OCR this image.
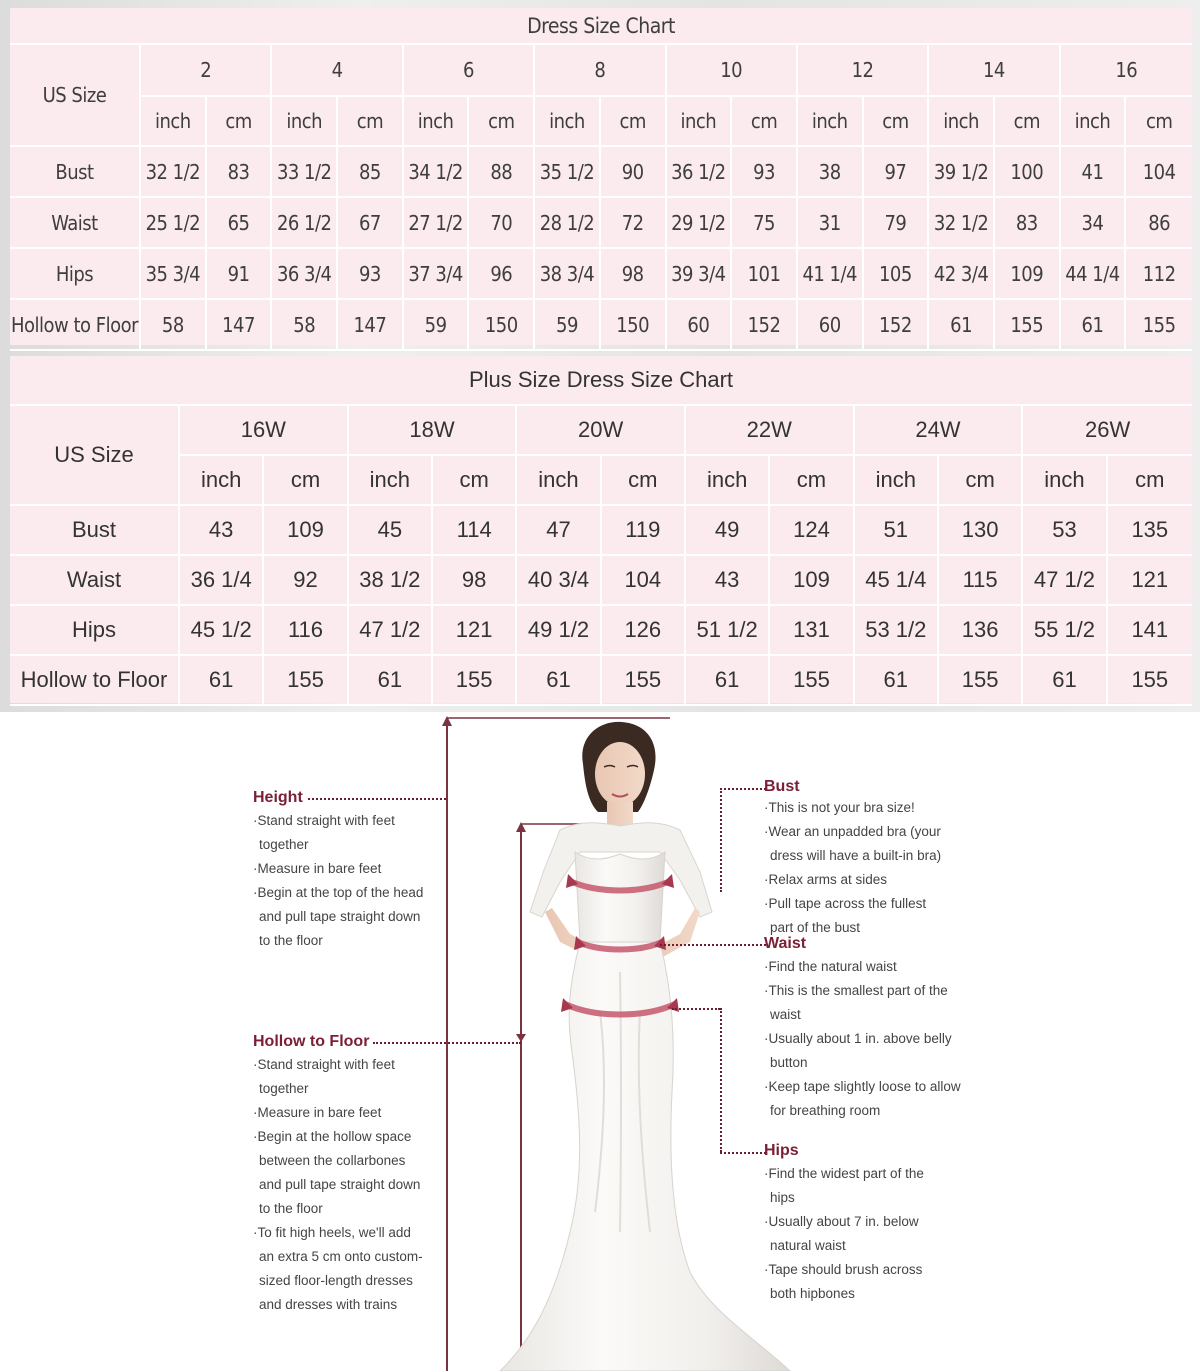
Dress Size Chart																
US Size	2		4		6		8		10		12		14		16	
	inch	cm	inch	cm	inch	cm	inch	cm	inch	cm	inch	cm	inch	cm	inch	cm
Bust	32 1/2	83	33 1/2	85	34 1/2	88	35 1/2	90	36 1/2	93	38	97	39 1/2	100	41	104
Waist	25 1/2	65	26 1/2	67	27 1/2	70	28 1/2	72	29 1/2	75	31	79	32 1/2	83	34	86
Hips	35 3/4	91	36 3/4	93	37 3/4	96	38 3/4	98	39 3/4	101	41 1/4	105	42 3/4	109	44 1/4	112
Hollow to Floor	58	147	58	147	59	150	59	150	60	152	60	152	61	155	61	155
Plus Size Dress Size Chart												
US Size	16W		18W		20W		22W		24W		26W	
	inch	cm	inch	cm	inch	cm	inch	cm	inch	cm	inch	cm
Bust	43	109	45	114	47	119	49	124	51	130	53	135
Waist	36 1/4	92	38 1/2	98	40 3/4	104	43	109	45 1/4	115	47 1/2	121
Hips	45 1/2	116	47 1/2	121	49 1/2	126	51 1/2	131	53 1/2	136	55 1/2	141
Hollow to Floor	61	155	61	155	61	155	61	155	61	155	61	155
Height
·Stand straight with feet
together
·Measure in bare feet
·Begin at the top of the head
and pull tape straight down
to the floor
Hollow to Floor
·Stand straight with feet
together
·Measure in bare feet
·Begin at the hollow space
between the collarbones
and pull tape straight down
to the floor
·To fit high heels, we'll add
an extra 5 cm onto custom-
sized floor-length dresses
and dresses with trains
Bust
·This is not your bra size!
·Wear an unpadded bra (your
dress will have a built-in bra)
·Relax arms at sides
·Pull tape across the fullest
part of the bust
Waist
·Find the natural waist
·This is the smallest part of the
waist
·Usually about 1 in. above belly
button
·Keep tape slightly loose to allow
for breathing room
Hips
·Find the widest part of the
hips
·Usually about 7 in. below
natural waist
·Tape should brush across
both hipbones
